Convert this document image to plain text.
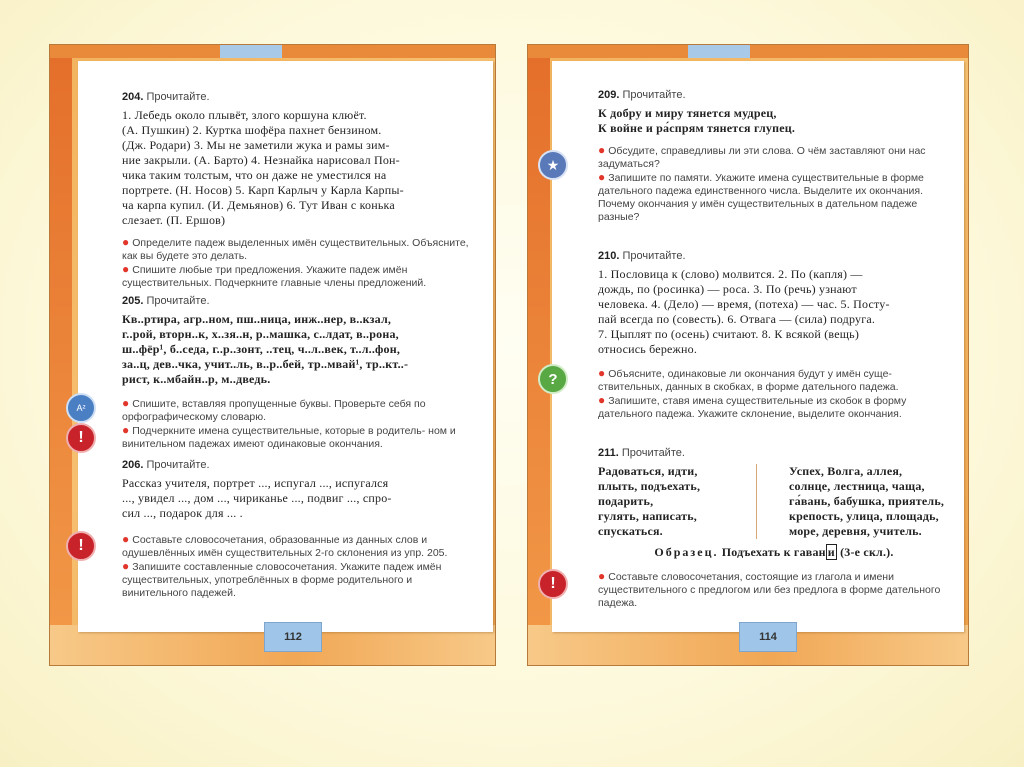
204. Прочитайте.

1. Лебедь около плывёт, злого коршуна клюёт.
(А. Пушкин) 2. Куртка шофёра пахнет бензином.
(Дж. Родари) 3. Мы не заметили жука и рамы зим-
ние закрыли. (А. Барто) 4. Незнайка нарисовал Пон-
чика таким толстым, что он даже не уместился на
портрете. (Н. Носов) 5. Карп Карлыч у Карла Карпы-
ча карпа купил. (И. Демьянов) 6. Тут Иван с конька
слезает. (П. Ершов)

● Определите падеж выделенных имён существительных. Объясните, как вы будете это делать.

● Спишите любые три предложения. Укажите падеж имён существительных. Подчеркните главные члены предложений.

205. Прочитайте.

Кв..ртира, агр..ном, пш..ница, инж..нер, в..кзал,
г..рой, вторн..к, х..зя..н, р..машка, с..лдат, в..рона,
ш..фёр¹, б..седа, г..р..зонт, ..тец, ч..л..век, т..л..фон,
за..ц, дев..чка, учит..ль, в..р..бей, тр..мвай¹, тр..кт..-
рист, к..мбайн..р, м..дведь.

● Спишите, вставляя пропущенные буквы. Проверьте себя по орфографическому словарю.

● Подчеркните имена существительные, которые в родитель- ном и винительном падежах имеют одинаковые окончания.

206. Прочитайте.

Рассказ учителя, портрет ..., испугал ..., испугался
..., увидел ..., дом ..., чириканье ..., подвиг ..., спро-
сил ..., подарок для ... .

● Составьте словосочетания, образованные из данных слов и одушевлённых имён существительных 2-го склонения из упр. 205.

● Запишите составленные словосочетания. Укажите падеж имён существительных, употреблённых в форме родительного и винительного падежей.

A²
!
!
112

209. Прочитайте.

К добру и миру тянется мудрец,
К войне и ра́спрям тянется глупец.

● Обсудите, справедливы ли эти слова. О чём заставляют они нас задуматься?

● Запишите по памяти. Укажите имена существительные в форме дательного падежа единственного числа. Выделите их окончания. Почему окончания у имён существительных в дательном падеже разные?

210. Прочитайте.

1. Пословица к (слово) молвится. 2. По (капля) —
дождь, по (росинка) — роса. 3. По (речь) узнают
человека. 4. (Дело) — время, (потеха) — час. 5. Посту-
пай всегда по (совесть). 6. Отвага — (сила) подруга.
7. Цыплят по (осень) считают. 8. К всякой (вещь)
относись бережно.

● Объясните, одинаковые ли окончания будут у имён суще- ствительных, данных в скобках, в форме дательного падежа.

● Запишите, ставя имена существительные из скобок в форму дательного падежа. Укажите склонение, выделите окончания.

211. Прочитайте.

Радоваться, идти,
плыть, подъехать,
подарить,
гулять, написать,
спускаться.
Успех, Волга, аллея,
солнце, лестница, чаща,
га́вань, бабушка, приятель,
крепость, улица, площадь,
море, деревня, учитель.
Образец. Подъехать к гаван и (3-е скл.).

● Составьте словосочетания, состоящие из глагола и имени существительного с предлогом или без предлога в форме дательного падежа.

★
?
!
114
